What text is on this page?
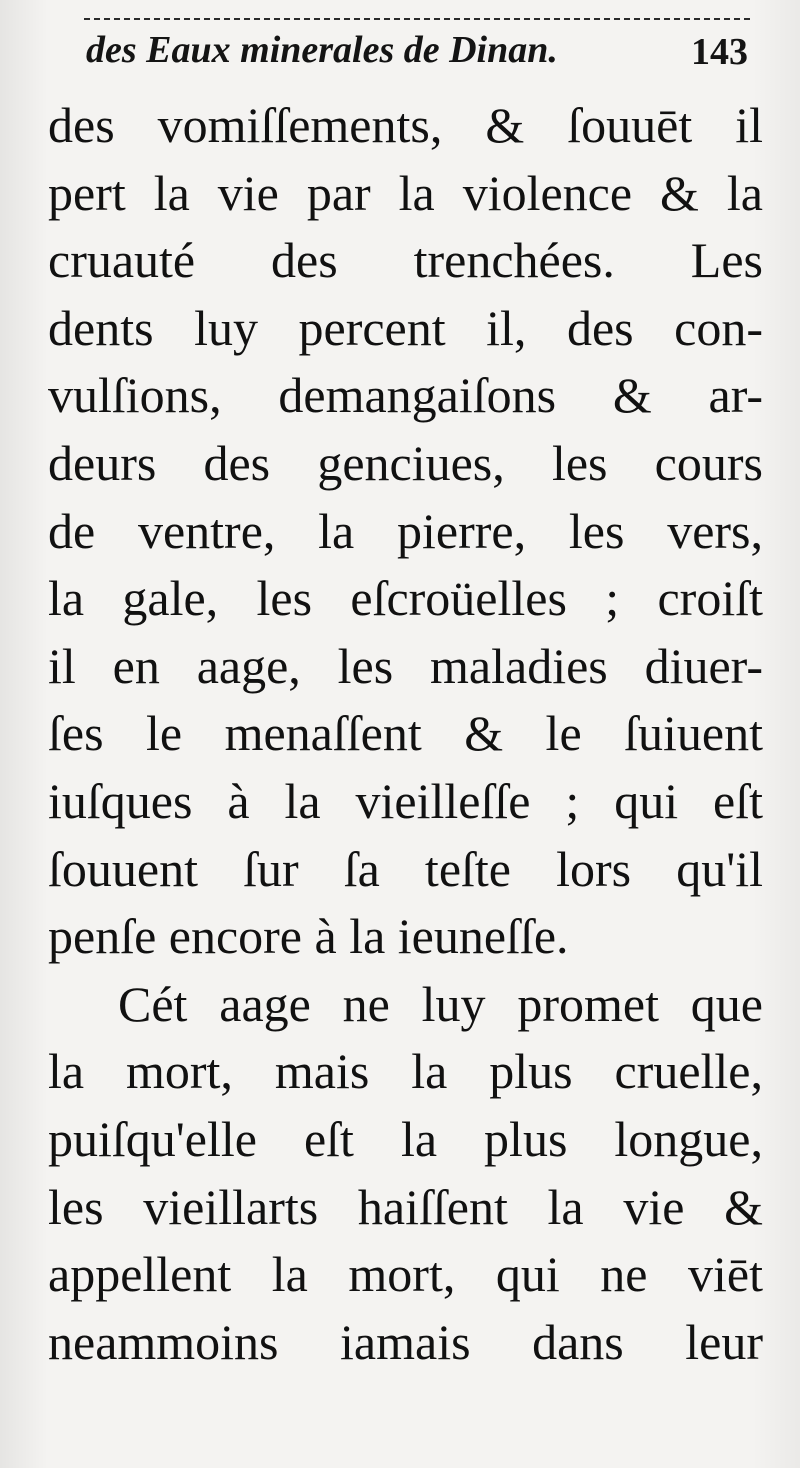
des Eaux minerales de Dinan.	143
des vomiſſements, & ſouuēt il
pert la vie par la violence & la
cruauté des trenchées. Les
dents luy percent il, des con-
vulſions, demangaiſons & ar-
deurs des genciues, les cours
de ventre, la pierre, les vers,
la gale, les eſcroüelles ; croiſt
il en aage, les maladies diuer-
ſes le menaſſent & le ſuiuent
iuſques à la vieilleſſe ; qui eſt
ſouuent ſur ſa teſte lors qu'il
penſe encore à la ieuneſſe.
Cét aage ne luy promet que
la mort, mais la plus cruelle,
puiſqu'elle eſt la plus longue,
les vieillarts haiſſent la vie &
appellent la mort, qui ne viēt
neammoins iamais dans leur
